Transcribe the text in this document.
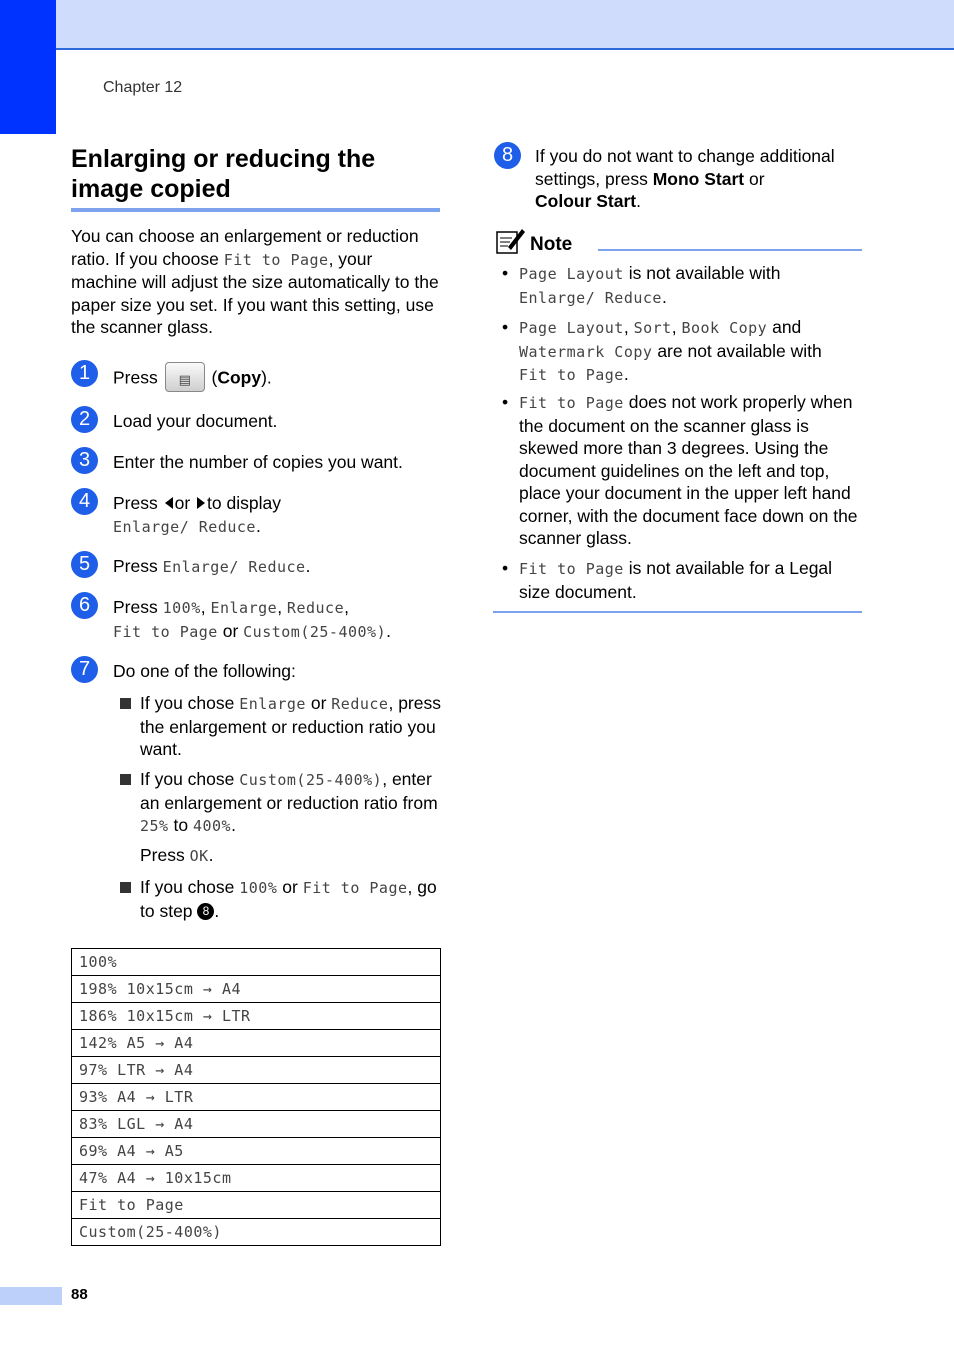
Chapter 12
Enlarging or reducing the image copied
You can choose an enlargement or reduction ratio. If you choose Fit to Page, your machine will adjust the size automatically to the paper size you set. If you want this setting, use the scanner glass.
1	Press ▤ (Copy).
2	Load your document.
3	Enter the number of copies you want.
4	Press or to display
Enlarge/ Reduce.
5	Press Enlarge/ Reduce.
6	Press 100%, Enlarge, Reduce,
Fit to Page or Custom(25-400%).
7	Do one of the following:
If you chose Enlarge or Reduce, press the enlargement or reduction ratio you want.
If you chose Custom(25-400%), enter an enlargement or reduction ratio from 25% to 400%.
Press OK.
If you chose 100% or Fit to Page, go to step 8 .
100%
198% 10x15cm → A4
186% 10x15cm → LTR
142% A5 → A4
97% LTR → A4
93% A4 → LTR
83% LGL → A4
69% A4 → A5
47% A4 → 10x15cm
Fit to Page
Custom(25-400%)
8	If you do not want to change additional settings, press Mono Start or
Colour Start.
Note
• Page Layout is not available with
Enlarge/ Reduce.
• Page Layout, Sort, Book Copy and
Watermark Copy are not available with
Fit to Page.
• Fit to Page does not work properly when the document on the scanner glass is skewed more than 3 degrees. Using the document guidelines on the left and top, place your document in the upper left hand corner, with the document face down on the scanner glass.
• Fit to Page is not available for a Legal size document.
88
